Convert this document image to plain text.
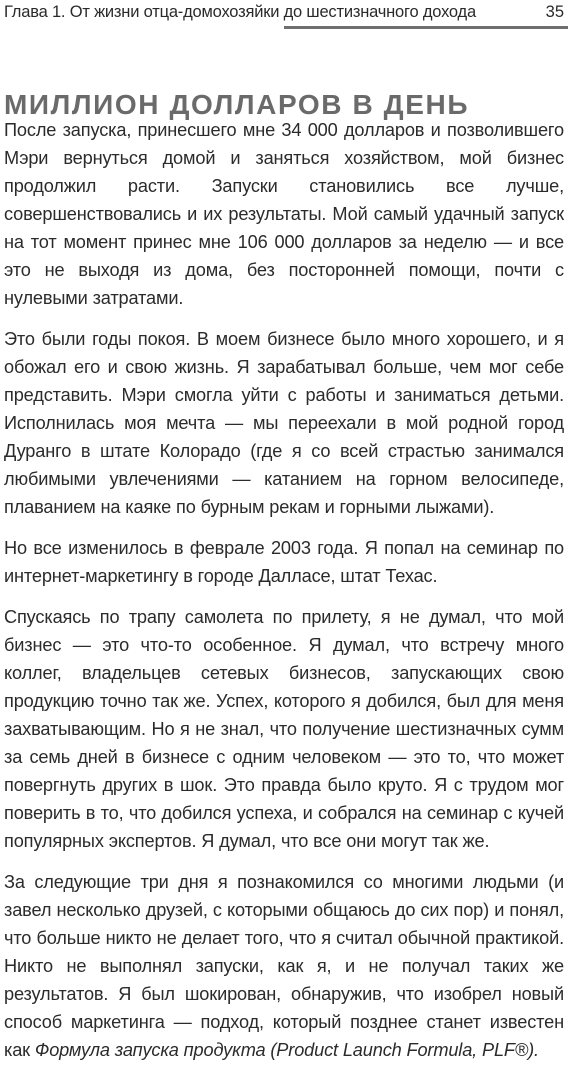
Глава 1. От жизни отца-домохозяйки до шестизначного дохода	35
МИЛЛИОН ДОЛЛАРОВ В ДЕНЬ

После запуска, принесшего мне 34 000 долларов и позволившего Мэри вернуться домой и заняться хозяйством, мой бизнес продолжил расти. Запуски становились все лучше, совершенствовались и их результаты. Мой самый удачный запуск на тот момент принес мне 106 000 долларов за неделю — и все это не выходя из дома, без посторонней помощи, почти с нулевыми затратами.

Это были годы покоя. В моем бизнесе было много хорошего, и я обожал его и свою жизнь. Я зарабатывал больше, чем мог себе представить. Мэри смогла уйти с работы и заниматься детьми. Исполнилась моя мечта — мы переехали в мой родной город Дуранго в штате Колорадо (где я со всей страстью занимался любимыми увлечениями — катанием на горном велосипеде, плаванием на каяке по бурным рекам и горными лыжами).

Но все изменилось в феврале 2003 года. Я попал на семинар по интернет-маркетингу в городе Далласе, штат Техас.

Спускаясь по трапу самолета по прилету, я не думал, что мой бизнес — это что-то особенное. Я думал, что встречу много коллег, владельцев сетевых бизнесов, запускающих свою продукцию точно так же. Успех, которого я добился, был для меня захватывающим. Но я не знал, что получение шестизначных сумм за семь дней в бизнесе с одним человеком — это то, что может повергнуть других в шок. Это правда было круто. Я с трудом мог поверить в то, что добился успеха, и собрался на семинар с кучей популярных экспертов. Я думал, что все они могут так же.

За следующие три дня я познакомился со многими людьми (и завел несколько друзей, с которыми общаюсь до сих пор) и понял, что больше никто не делает того, что я считал обычной практикой. Никто не выполнял запуски, как я, и не получал таких же результатов. Я был шокирован, обнаружив, что изобрел новый способ маркетинга — подход, который позднее станет известен как Формула запуска продукта (Product Launch Formula, PLF®).
